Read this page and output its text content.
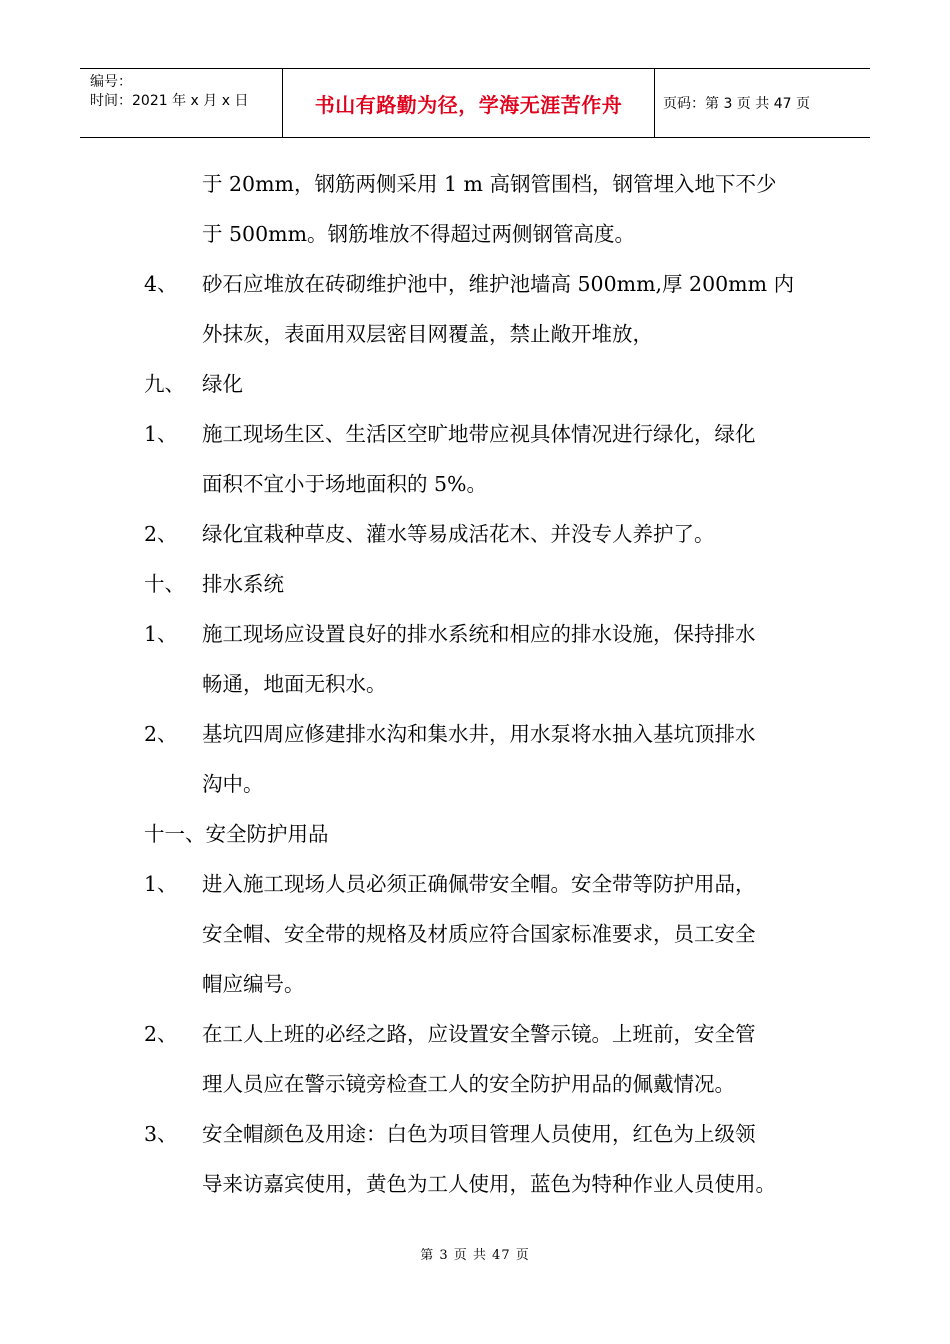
编号：
时间：2021 年 x 月 x 日	书山有路勤为径，学海无涯苦作舟	页码：第 3 页 共 47 页
于 20mm，钢筋两侧采用 1 m 高钢管围档，钢管埋入地下不少
于 500mm。钢筋堆放不得超过两侧钢管高度。
4、 砂石应堆放在砖砌维护池中，维护池墙高 500mm,厚 200mm 内
外抹灰，表面用双层密目网覆盖，禁止敞开堆放，
九、 绿化
1、 施工现场生区、生活区空旷地带应视具体情况进行绿化，绿化
面积不宜小于场地面积的 5%。
2、 绿化宜栽种草皮、灌水等易成活花木、并没专人养护了。
十、 排水系统
1、 施工现场应设置良好的排水系统和相应的排水设施，保持排水
畅通，地面无积水。
2、 基坑四周应修建排水沟和集水井，用水泵将水抽入基坑顶排水
沟中。
十一、安全防护用品
1、 进入施工现场人员必须正确佩带安全帽。安全带等防护用品，
安全帽、安全带的规格及材质应符合国家标准要求，员工安全
帽应编号。
2、 在工人上班的必经之路，应设置安全警示镜。上班前，安全管
理人员应在警示镜旁检查工人的安全防护用品的佩戴情况。
3、 安全帽颜色及用途：白色为项目管理人员使用，红色为上级领
导来访嘉宾使用，黄色为工人使用，蓝色为特种作业人员使用。
第 3 页 共 47 页
